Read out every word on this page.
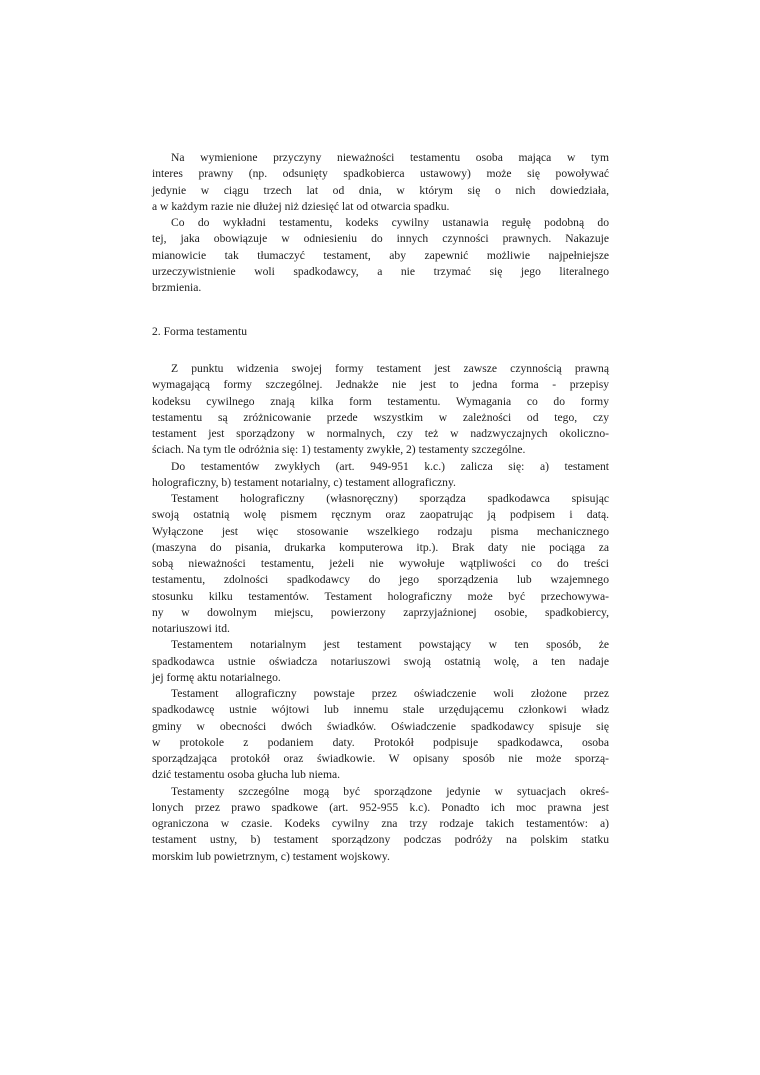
Na wymienione przyczyny nieważności testamentu osoba mająca w tym
interes prawny (np. odsunięty spadkobierca ustawowy) może się powoływać
jedynie w ciągu trzech lat od dnia, w którym się o nich dowiedziała,
a w każdym razie nie dłużej niż dziesięć lat od otwarcia spadku.
Co do wykładni testamentu, kodeks cywilny ustanawia regułę podobną do
tej, jaka obowiązuje w odniesieniu do innych czynności prawnych. Nakazuje
mianowicie tak tłumaczyć testament, aby zapewnić możliwie najpełniejsze
urzeczywistnienie woli spadkodawcy, a nie trzymać się jego literalnego
brzmienia.
2. Forma testamentu
Z punktu widzenia swojej formy testament jest zawsze czynnością prawną
wymagającą formy szczególnej. Jednakże nie jest to jedna forma - przepisy
kodeksu cywilnego znają kilka form testamentu. Wymagania co do formy
testamentu są zróżnicowanie przede wszystkim w zależności od tego, czy
testament jest sporządzony w normalnych, czy też w nadzwyczajnych okoliczno-
ściach. Na tym tle odróżnia się: 1) testamenty zwykłe, 2) testamenty szczególne.
Do testamentów zwykłych (art. 949-951 k.c.) zalicza się: a) testament
holograficzny, b) testament notarialny, c) testament allograficzny.
Testament holograficzny (własnoręczny) sporządza spadkodawca spisując
swoją ostatnią wolę pismem ręcznym oraz zaopatrując ją podpisem i datą.
Wyłączone jest więc stosowanie wszelkiego rodzaju pisma mechanicznego
(maszyna do pisania, drukarka komputerowa itp.). Brak daty nie pociąga za
sobą nieważności testamentu, jeżeli nie wywołuje wątpliwości co do treści
testamentu, zdolności spadkodawcy do jego sporządzenia lub wzajemnego
stosunku kilku testamentów. Testament holograficzny może być przechowywa-
ny w dowolnym miejscu, powierzony zaprzyjaźnionej osobie, spadkobiercy,
notariuszowi itd.
Testamentem notarialnym jest testament powstający w ten sposób, że
spadkodawca ustnie oświadcza notariuszowi swoją ostatnią wolę, a ten nadaje
jej formę aktu notarialnego.
Testament allograficzny powstaje przez oświadczenie woli złożone przez
spadkodawcę ustnie wójtowi lub innemu stale urzędującemu członkowi władz
gminy w obecności dwóch świadków. Oświadczenie spadkodawcy spisuje się
w protokole z podaniem daty. Protokół podpisuje spadkodawca, osoba
sporządzająca protokół oraz świadkowie. W opisany sposób nie może sporzą-
dzić testamentu osoba głucha lub niema.
Testamenty szczególne mogą być sporządzone jedynie w sytuacjach okreś-
lonych przez prawo spadkowe (art. 952-955 k.c). Ponadto ich moc prawna jest
ograniczona w czasie. Kodeks cywilny zna trzy rodzaje takich testamentów: a)
testament ustny, b) testament sporządzony podczas podróży na polskim statku
morskim lub powietrznym, c) testament wojskowy.
